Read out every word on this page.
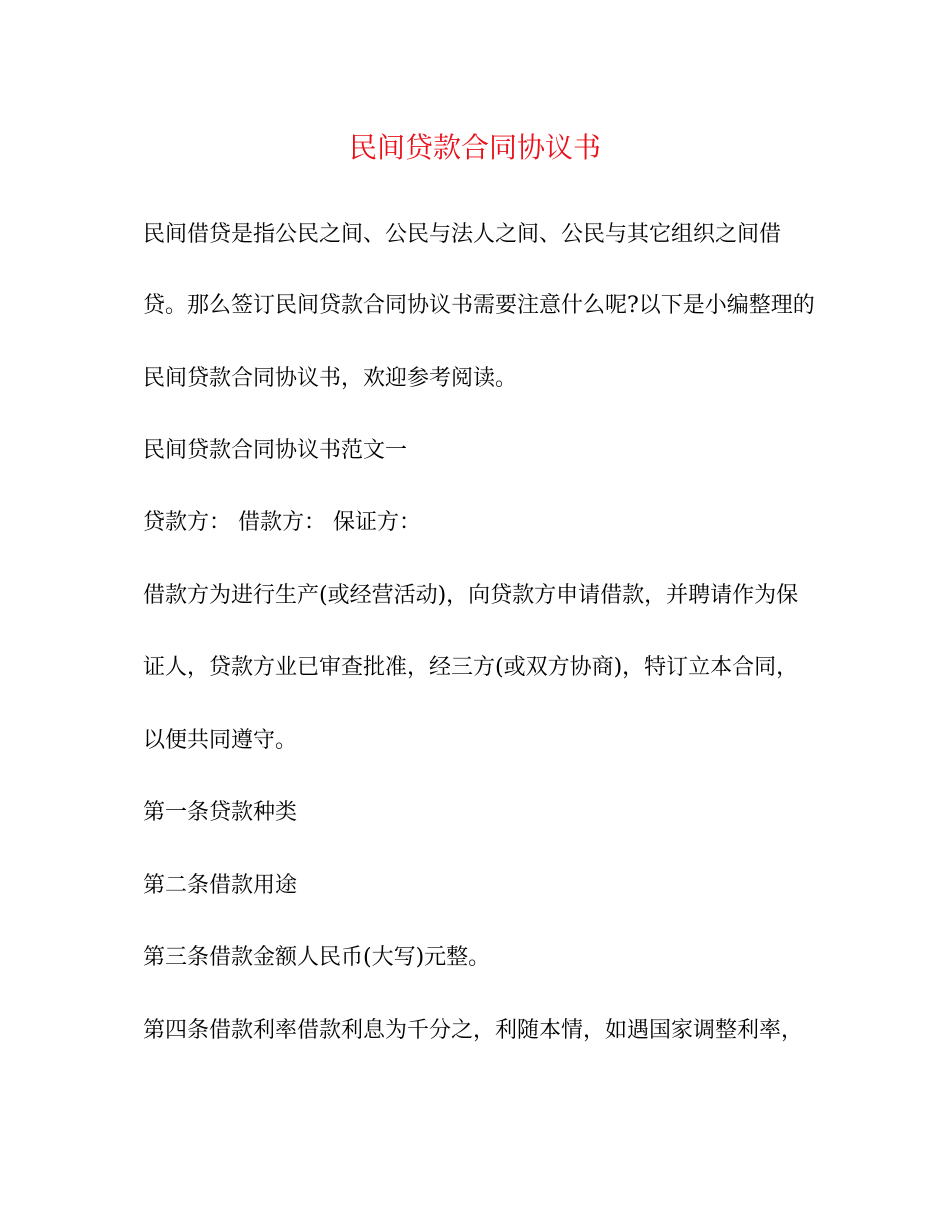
民间贷款合同协议书
民间借贷是指公民之间、公民与法人之间、公民与其它组织之间借
贷。那么签订民间贷款合同协议书需要注意什么呢?以下是小编整理的
民间贷款合同协议书，欢迎参考阅读。
民间贷款合同协议书范文一
贷款方： 借款方： 保证方：
借款方为进行生产(或经营活动)，向贷款方申请借款，并聘请作为保
证人，贷款方业已审查批准，经三方(或双方协商)，特订立本合同，
以便共同遵守。
第一条贷款种类
第二条借款用途
第三条借款金额人民币(大写)元整。
第四条借款利率借款利息为千分之，利随本情，如遇国家调整利率，
